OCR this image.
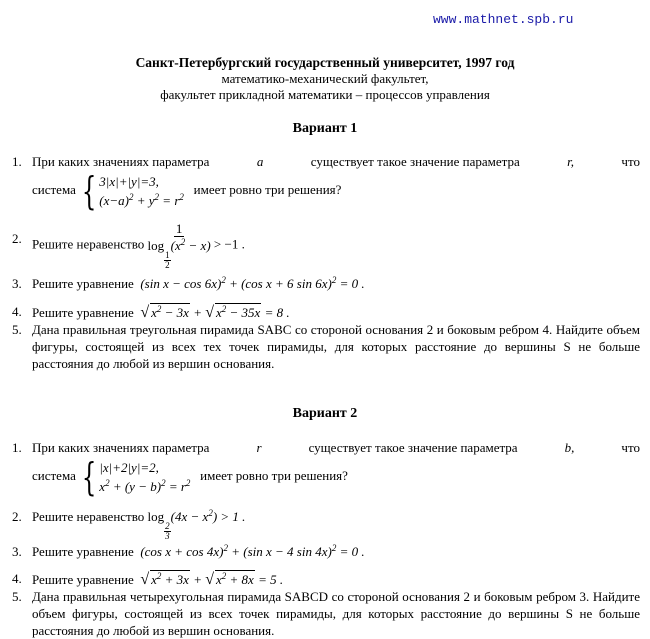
www.mathnet.spb.ru
Санкт-Петербургский государственный университет, 1997 год
математико-механический факультет,
факультет прикладной математики – процессов управления
Вариант 1
1. При каких значениях параметра	a	существует такое значение параметра	r,	что
система { 3|x|+|y|=3,
$(x-a)^2 + y^2 = r^2$
имеет ровно три решения?
2. Решите неравенство 1
log
$\frac{1}{2}$
$(x^2 - x) > -1$ .
3. Решите уравнение (sin x − cos 6x)$^2$ + (cos x + 6 sin 6x)$^2$ = 0 .
4. Решите уравнение √ $x^2 - 3x$ + √ $x^2 - 35x = 8$ .
5. Дана правильная треугольная пирамида SABC со стороной основания 2 и боковым ребром 4. Найдите объем фигуры, состоящей из всех тех точек пирамиды, для которых расстояние до вершины S не больше расстояния до любой из вершин основания.
Вариант 2
1. При каких значениях параметра	r	существует такое значение параметра	b,	что
система { |x|+2|y|=2,
$x^2 + (y - b)^2 = r^2$
имеет ровно три решения?
2. Решите неравенство log
$\frac{2}{3}$
$(4x - x^2) > 1$ .
3. Решите уравнение (cos x + cos 4x)$^2$ + (sin x − 4 sin 4x)$^2$ = 0 .
4. Решите уравнение √ $x^2 + 3x$ + √ $x^2 + 8x = 5$ .
5. Дана правильная четырехугольная пирамида SABCD со стороной основания 2 и боковым ребром 3. Найдите объем фигуры, состоящей из всех точек пирамиды, для которых расстояние до вершины S не больше расстояния до любой из вершин основания.
